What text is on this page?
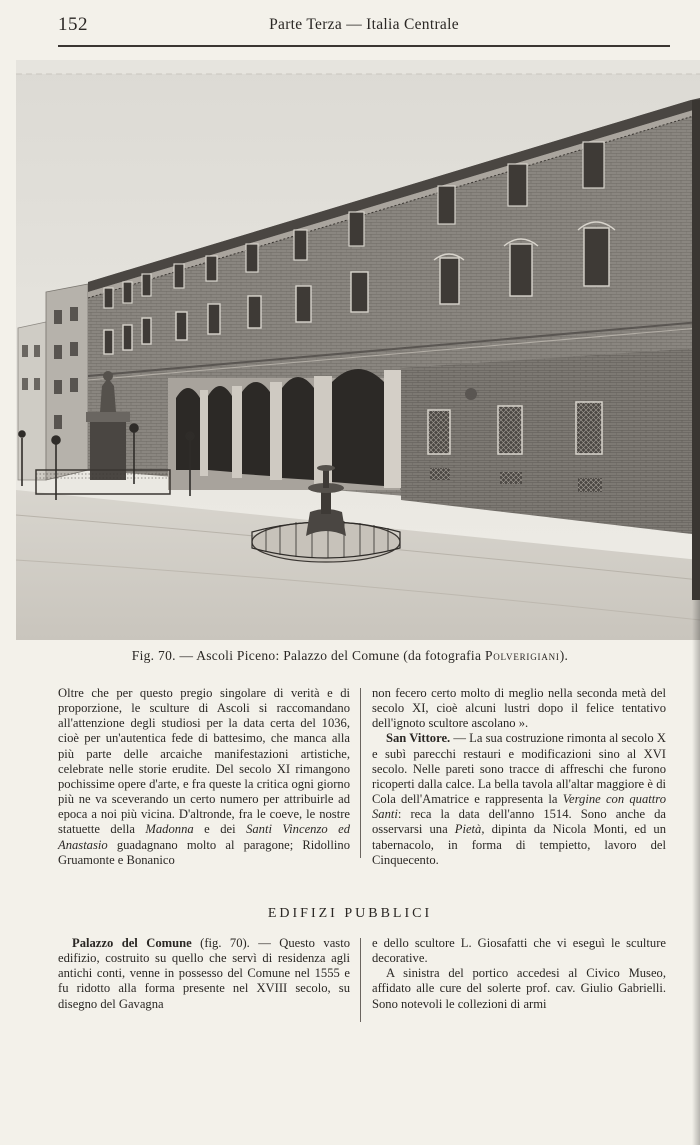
152	Parte Terza — Italia Centrale
Fig. 70. — Ascoli Piceno: Palazzo del Comune (da fotografia Polverigiani).

Oltre che per questo pregio singolare di verità e di proporzione, le sculture di Ascoli si raccomandano all'attenzione degli studiosi per la data certa del 1036, cioè per un'autentica fede di battesimo, che manca alla più parte delle arcaiche manifestazioni artistiche, celebrate nelle storie erudite. Del secolo XI rimangono pochissime opere d'arte, e fra queste la critica ogni giorno più ne va sceverando un certo numero per attribuirle ad epoca a noi più vicina. D'altronde, fra le coeve, le nostre statuette della Madonna e dei Santi Vincenzo ed Anastasio guadagnano molto al paragone; Ridollino Gruamonte e Bonanico

non fecero certo molto di meglio nella seconda metà del secolo XI, cioè alcuni lustri dopo il felice tentativo dell'ignoto scultore ascolano ».

San Vittore. — La sua costruzione rimonta al secolo X e subì parecchi restauri e modificazioni sino al XVI secolo. Nelle pareti sono tracce di affreschi che furono ricoperti dalla calce. La bella tavola all'altar maggiore è di Cola dell'Amatrice e rappresenta la Vergine con quattro Santi: reca la data dell'anno 1514. Sono anche da osservarsi una Pietà, dipinta da Nicola Monti, ed un tabernacolo, in forma di tempietto, lavoro del Cinquecento.

EDIFIZI PUBBLICI

Palazzo del Comune (fig. 70). — Questo vasto edifizio, costruito su quello che servì di residenza agli antichi conti, venne in possesso del Comune nel 1555 e fu ridotto alla forma presente nel XVIII secolo, su disegno del Gavagna

e dello scultore L. Giosafatti che vi eseguì le sculture decorative.

A sinistra del portico accedesi al Civico Museo, affidato alle cure del solerte prof. cav. Giulio Gabrielli. Sono notevoli le collezioni di armi
